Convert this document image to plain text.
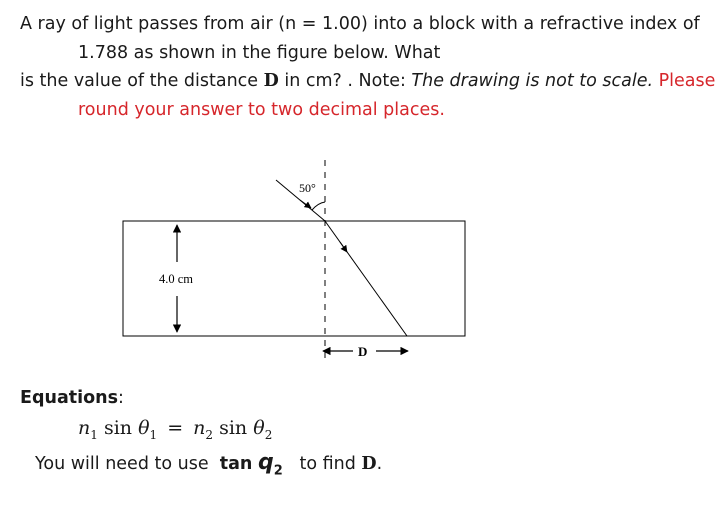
A ray of light passes from air (n = 1.00) into a block with a refractive index of
1.788 as shown in the figure below. What
is the value of the distance D in cm? . Note: The drawing is not to scale. Please
round your answer to two decimal places.
50°
4.0 cm
D
Equations:
$n_1$ $\sin \theta_1 = n_2$ $\sin \theta_2$
You will need to use $\tan q_2$ to find D.
